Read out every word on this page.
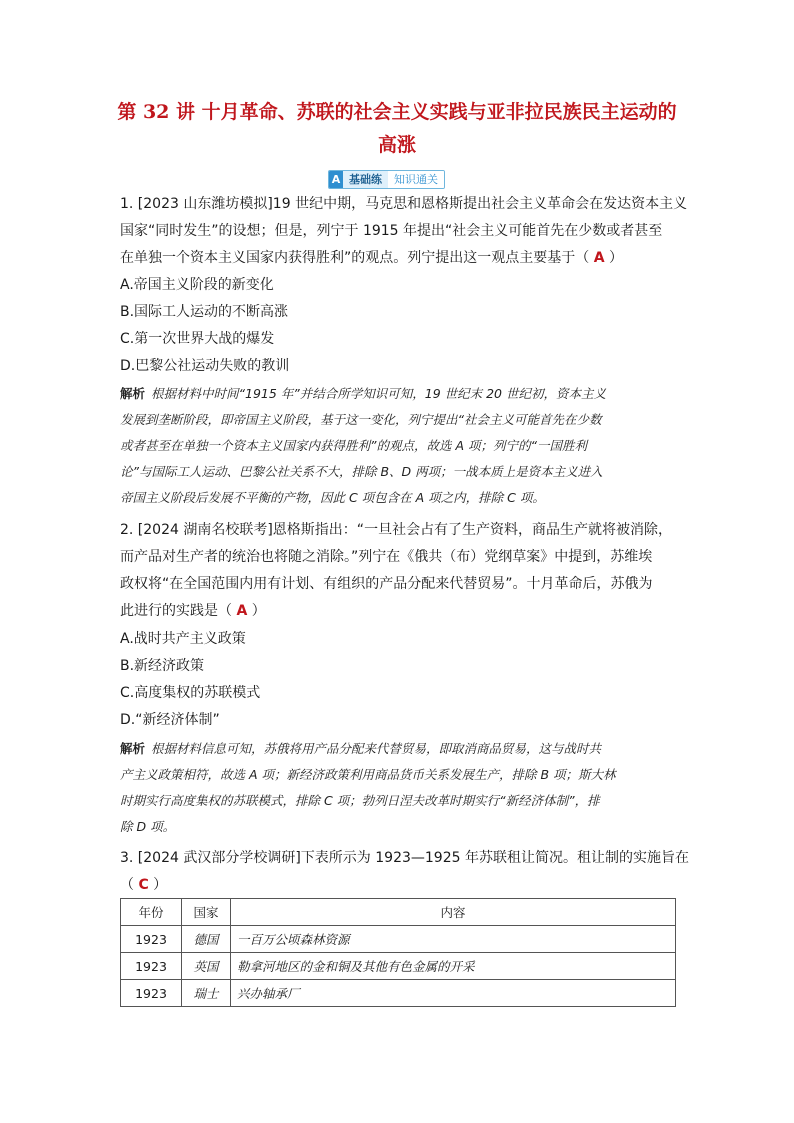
第 32 讲 十月革命、苏联的社会主义实践与亚非拉民族民主运动的
高涨
A 基础练	知识通关
1. [2023 山东潍坊模拟]19 世纪中期，马克思和恩格斯提出社会主义革命会在发达资本主义
国家“同时发生”的设想；但是，列宁于 1915 年提出“社会主义可能首先在少数或者甚至
在单独一个资本主义国家内获得胜利”的观点。列宁提出这一观点主要基于（ A ）
A.帝国主义阶段的新变化
B.国际工人运动的不断高涨
C.第一次世界大战的爆发
D.巴黎公社运动失败的教训
解析 根据材料中时间“1915 年”并结合所学知识可知，19 世纪末 20 世纪初，资本主义
发展到垄断阶段，即帝国主义阶段，基于这一变化，列宁提出“社会主义可能首先在少数
或者甚至在单独一个资本主义国家内获得胜利”的观点，故选 A 项；列宁的“一国胜利
论”与国际工人运动、巴黎公社关系不大，排除 B、D 两项；一战本质上是资本主义进入
帝国主义阶段后发展不平衡的产物，因此 C 项包含在 A 项之内，排除 C 项。
2. [2024 湖南名校联考]恩格斯指出：“一旦社会占有了生产资料，商品生产就将被消除，
而产品对生产者的统治也将随之消除。”列宁在《俄共（布）党纲草案》中提到，苏维埃
政权将“在全国范围内用有计划、有组织的产品分配来代替贸易”。十月革命后，苏俄为
此进行的实践是（ A ）
A.战时共产主义政策
B.新经济政策
C.高度集权的苏联模式
D.“新经济体制”
解析 根据材料信息可知，苏俄将用产品分配来代替贸易，即取消商品贸易，这与战时共
产主义政策相符，故选 A 项；新经济政策利用商品货币关系发展生产，排除 B 项；斯大林
时期实行高度集权的苏联模式，排除 C 项；勃列日涅夫改革时期实行“新经济体制”，排
除 D 项。
3. [2024 武汉部分学校调研]下表所示为 1923—1925 年苏联租让简况。租让制的实施旨在
（ C ）
年份	国家	内容
1923	德国	一百万公顷森林资源
1923	英国	勒拿河地区的金和铜及其他有色金属的开采
1923	瑞士	兴办轴承厂
